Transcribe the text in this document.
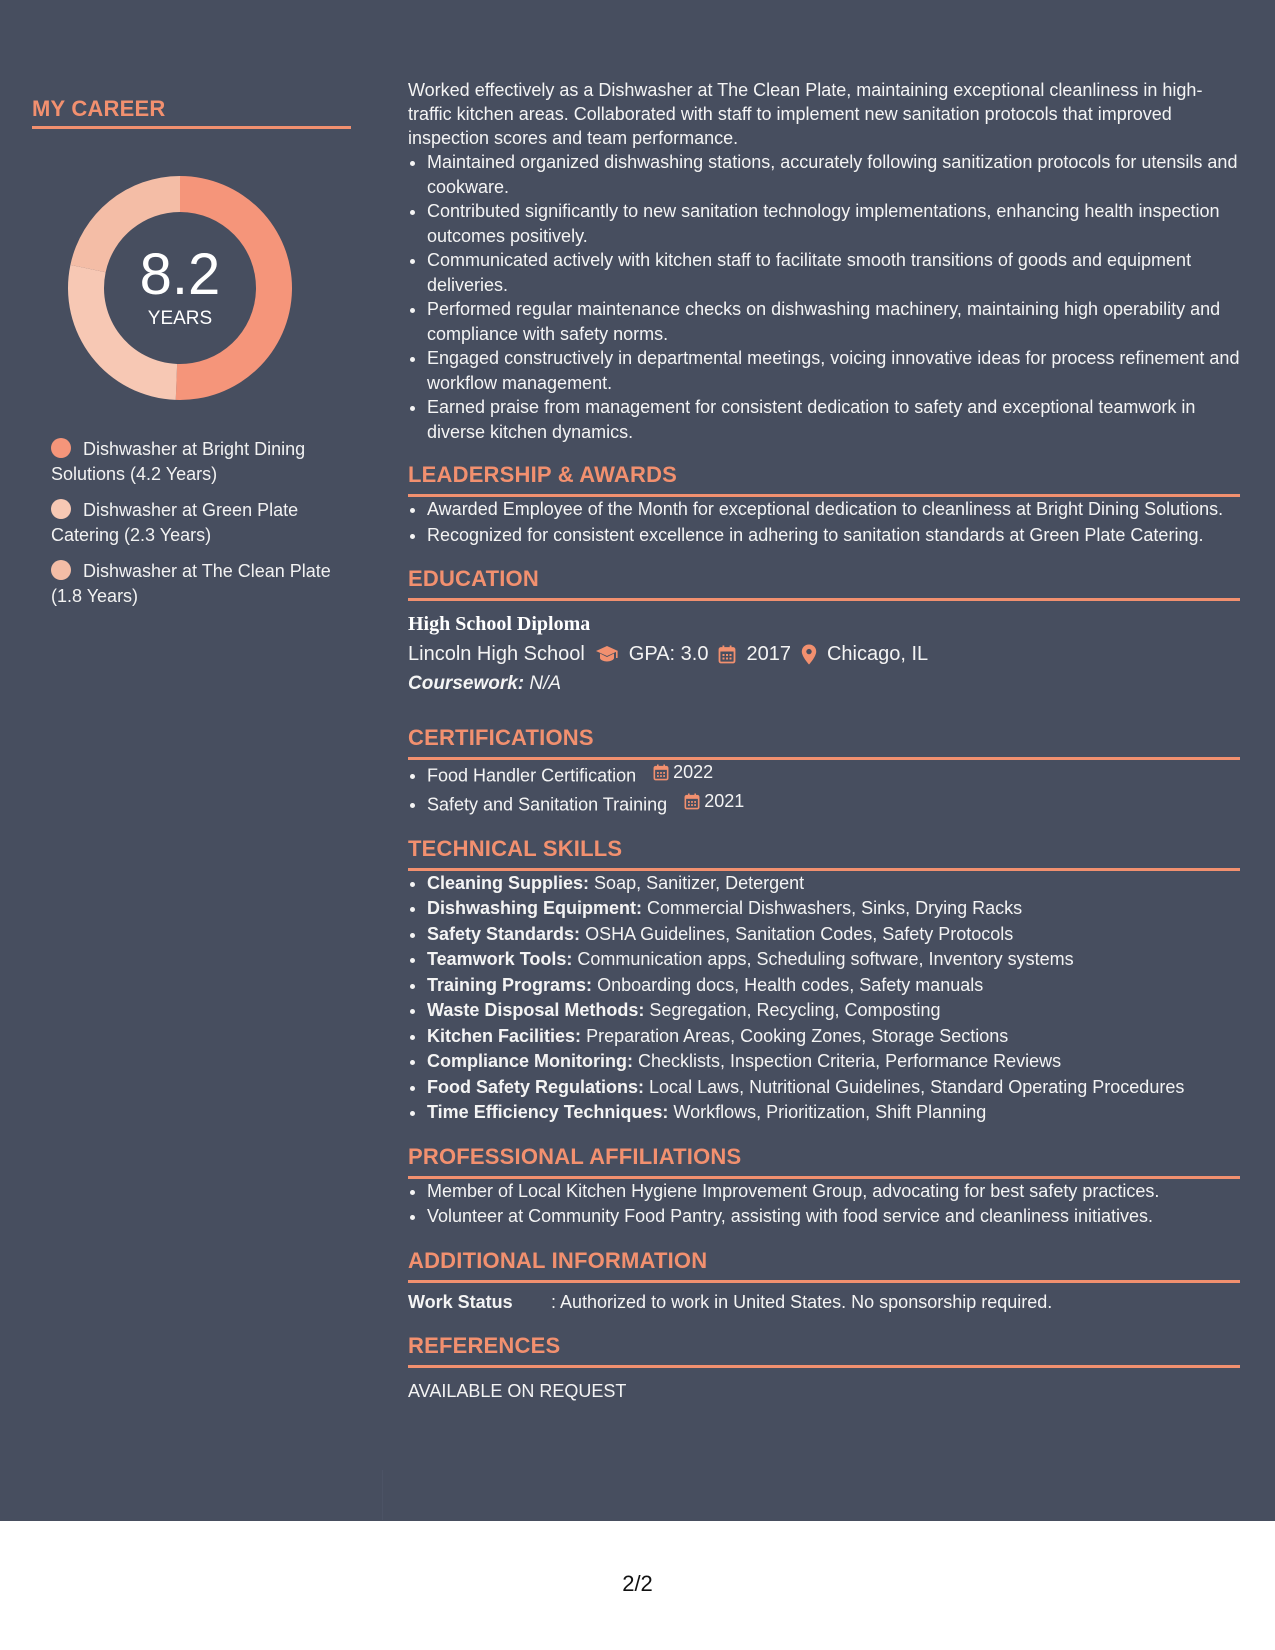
MY CAREER
8.2
YEARS
Dishwasher at Bright Dining Solutions (4.2 Years)
Dishwasher at Green Plate Catering (2.3 Years)
Dishwasher at The Clean Plate (1.8 Years)

Worked effectively as a Dishwasher at The Clean Plate, maintaining exceptional cleanliness in high-traffic kitchen areas. Collaborated with staff to implement new sanitation protocols that improved inspection scores and team performance.

• Maintained organized dishwashing stations, accurately following sanitization protocols for utensils and cookware.
• Contributed significantly to new sanitation technology implementations, enhancing health inspection outcomes positively.
• Communicated actively with kitchen staff to facilitate smooth transitions of goods and equipment deliveries.
• Performed regular maintenance checks on dishwashing machinery, maintaining high operability and compliance with safety norms.
• Engaged constructively in departmental meetings, voicing innovative ideas for process refinement and workflow management.
• Earned praise from management for consistent dedication to safety and exceptional teamwork in diverse kitchen dynamics.
LEADERSHIP & AWARDS
• Awarded Employee of the Month for exceptional dedication to cleanliness at Bright Dining Solutions.
• Recognized for consistent excellence in adhering to sanitation standards at Green Plate Catering.
EDUCATION
High School Diploma
Lincoln High School GPA: 3.0 2017 Chicago, IL
Coursework: N/A
CERTIFICATIONS
• Food Handler Certification 2022
• Safety and Sanitation Training 2021
TECHNICAL SKILLS
• Cleaning Supplies: Soap, Sanitizer, Detergent
• Dishwashing Equipment: Commercial Dishwashers, Sinks, Drying Racks
• Safety Standards: OSHA Guidelines, Sanitation Codes, Safety Protocols
• Teamwork Tools: Communication apps, Scheduling software, Inventory systems
• Training Programs: Onboarding docs, Health codes, Safety manuals
• Waste Disposal Methods: Segregation, Recycling, Composting
• Kitchen Facilities: Preparation Areas, Cooking Zones, Storage Sections
• Compliance Monitoring: Checklists, Inspection Criteria, Performance Reviews
• Food Safety Regulations: Local Laws, Nutritional Guidelines, Standard Operating Procedures
• Time Efficiency Techniques: Workflows, Prioritization, Shift Planning
PROFESSIONAL AFFILIATIONS
• Member of Local Kitchen Hygiene Improvement Group, advocating for best safety practices.
• Volunteer at Community Food Pantry, assisting with food service and cleanliness initiatives.
ADDITIONAL INFORMATION
Work Status : Authorized to work in United States. No sponsorship required.
REFERENCES
AVAILABLE ON REQUEST
2/2
